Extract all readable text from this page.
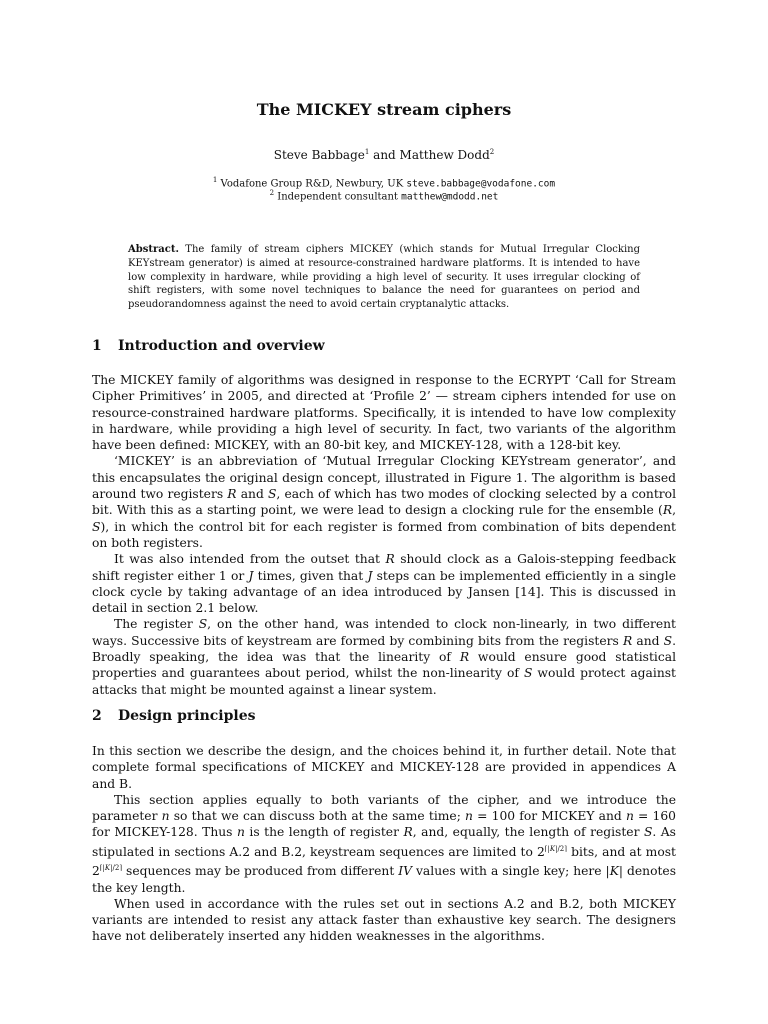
The MICKEY stream ciphers
Steve Babbage$^1$ and Matthew Dodd$^2$
$^1$ Vodafone Group R&D, Newbury, UK steve.babbage@vodafone.com
$^2$ Independent consultant matthew@mdodd.net
Abstract. The family of stream ciphers MICKEY (which stands for Mutual Irregular Clocking KEYstream generator) is aimed at resource-constrained hardware platforms. It is intended to have low complexity in hardware, while providing a high level of security. It uses irregular clocking of shift registers, with some novel techniques to balance the need for guarantees on period and pseudorandomness against the need to avoid certain cryptanalytic attacks.
1 Introduction and overview

The MICKEY family of algorithms was designed in response to the ECRYPT ‘Call for Stream Cipher Primitives’ in 2005, and directed at ‘Profile 2’ — stream ciphers intended for use on resource-constrained hardware platforms. Specifically, it is intended to have low complexity in hardware, while providing a high level of security. In fact, two variants of the algorithm have been defined: MICKEY, with an 80-bit key, and MICKEY-128, with a 128-bit key.

‘MICKEY’ is an abbreviation of ‘Mutual Irregular Clocking KEYstream generator’, and this encapsulates the original design concept, illustrated in Figure 1. The algorithm is based around two registers R and S, each of which has two modes of clocking selected by a control bit. With this as a starting point, we were lead to design a clocking rule for the ensemble (R, S), in which the control bit for each register is formed from combination of bits dependent on both registers.

It was also intended from the outset that R should clock as a Galois-stepping feedback shift register either 1 or J times, given that J steps can be implemented efficiently in a single clock cycle by taking advantage of an idea introduced by Jansen [14]. This is discussed in detail in section 2.1 below.

The register S, on the other hand, was intended to clock non-linearly, in two different ways. Successive bits of keystream are formed by combining bits from the registers R and S. Broadly speaking, the idea was that the linearity of R would ensure good statistical properties and guarantees about period, whilst the non-linearity of S would protect against attacks that might be mounted against a linear system.

2 Design principles

In this section we describe the design, and the choices behind it, in further detail. Note that complete formal specifications of MICKEY and MICKEY-128 are provided in appendices A and B.

This section applies equally to both variants of the cipher, and we introduce the parameter n so that we can discuss both at the same time; n = 100 for MICKEY and n = 160 for MICKEY-128. Thus n is the length of register R, and, equally, the length of register S. As stipulated in sections A.2 and B.2, keystream sequences are limited to $2^{⌈|K|/2⌉}$ bits, and at most $2^{⌈|K|/2⌉}$ sequences may be produced from different IV values with a single key; here |K| denotes the key length.

When used in accordance with the rules set out in sections A.2 and B.2, both MICKEY variants are intended to resist any attack faster than exhaustive key search. The designers have not deliberately inserted any hidden weaknesses in the algorithms.
